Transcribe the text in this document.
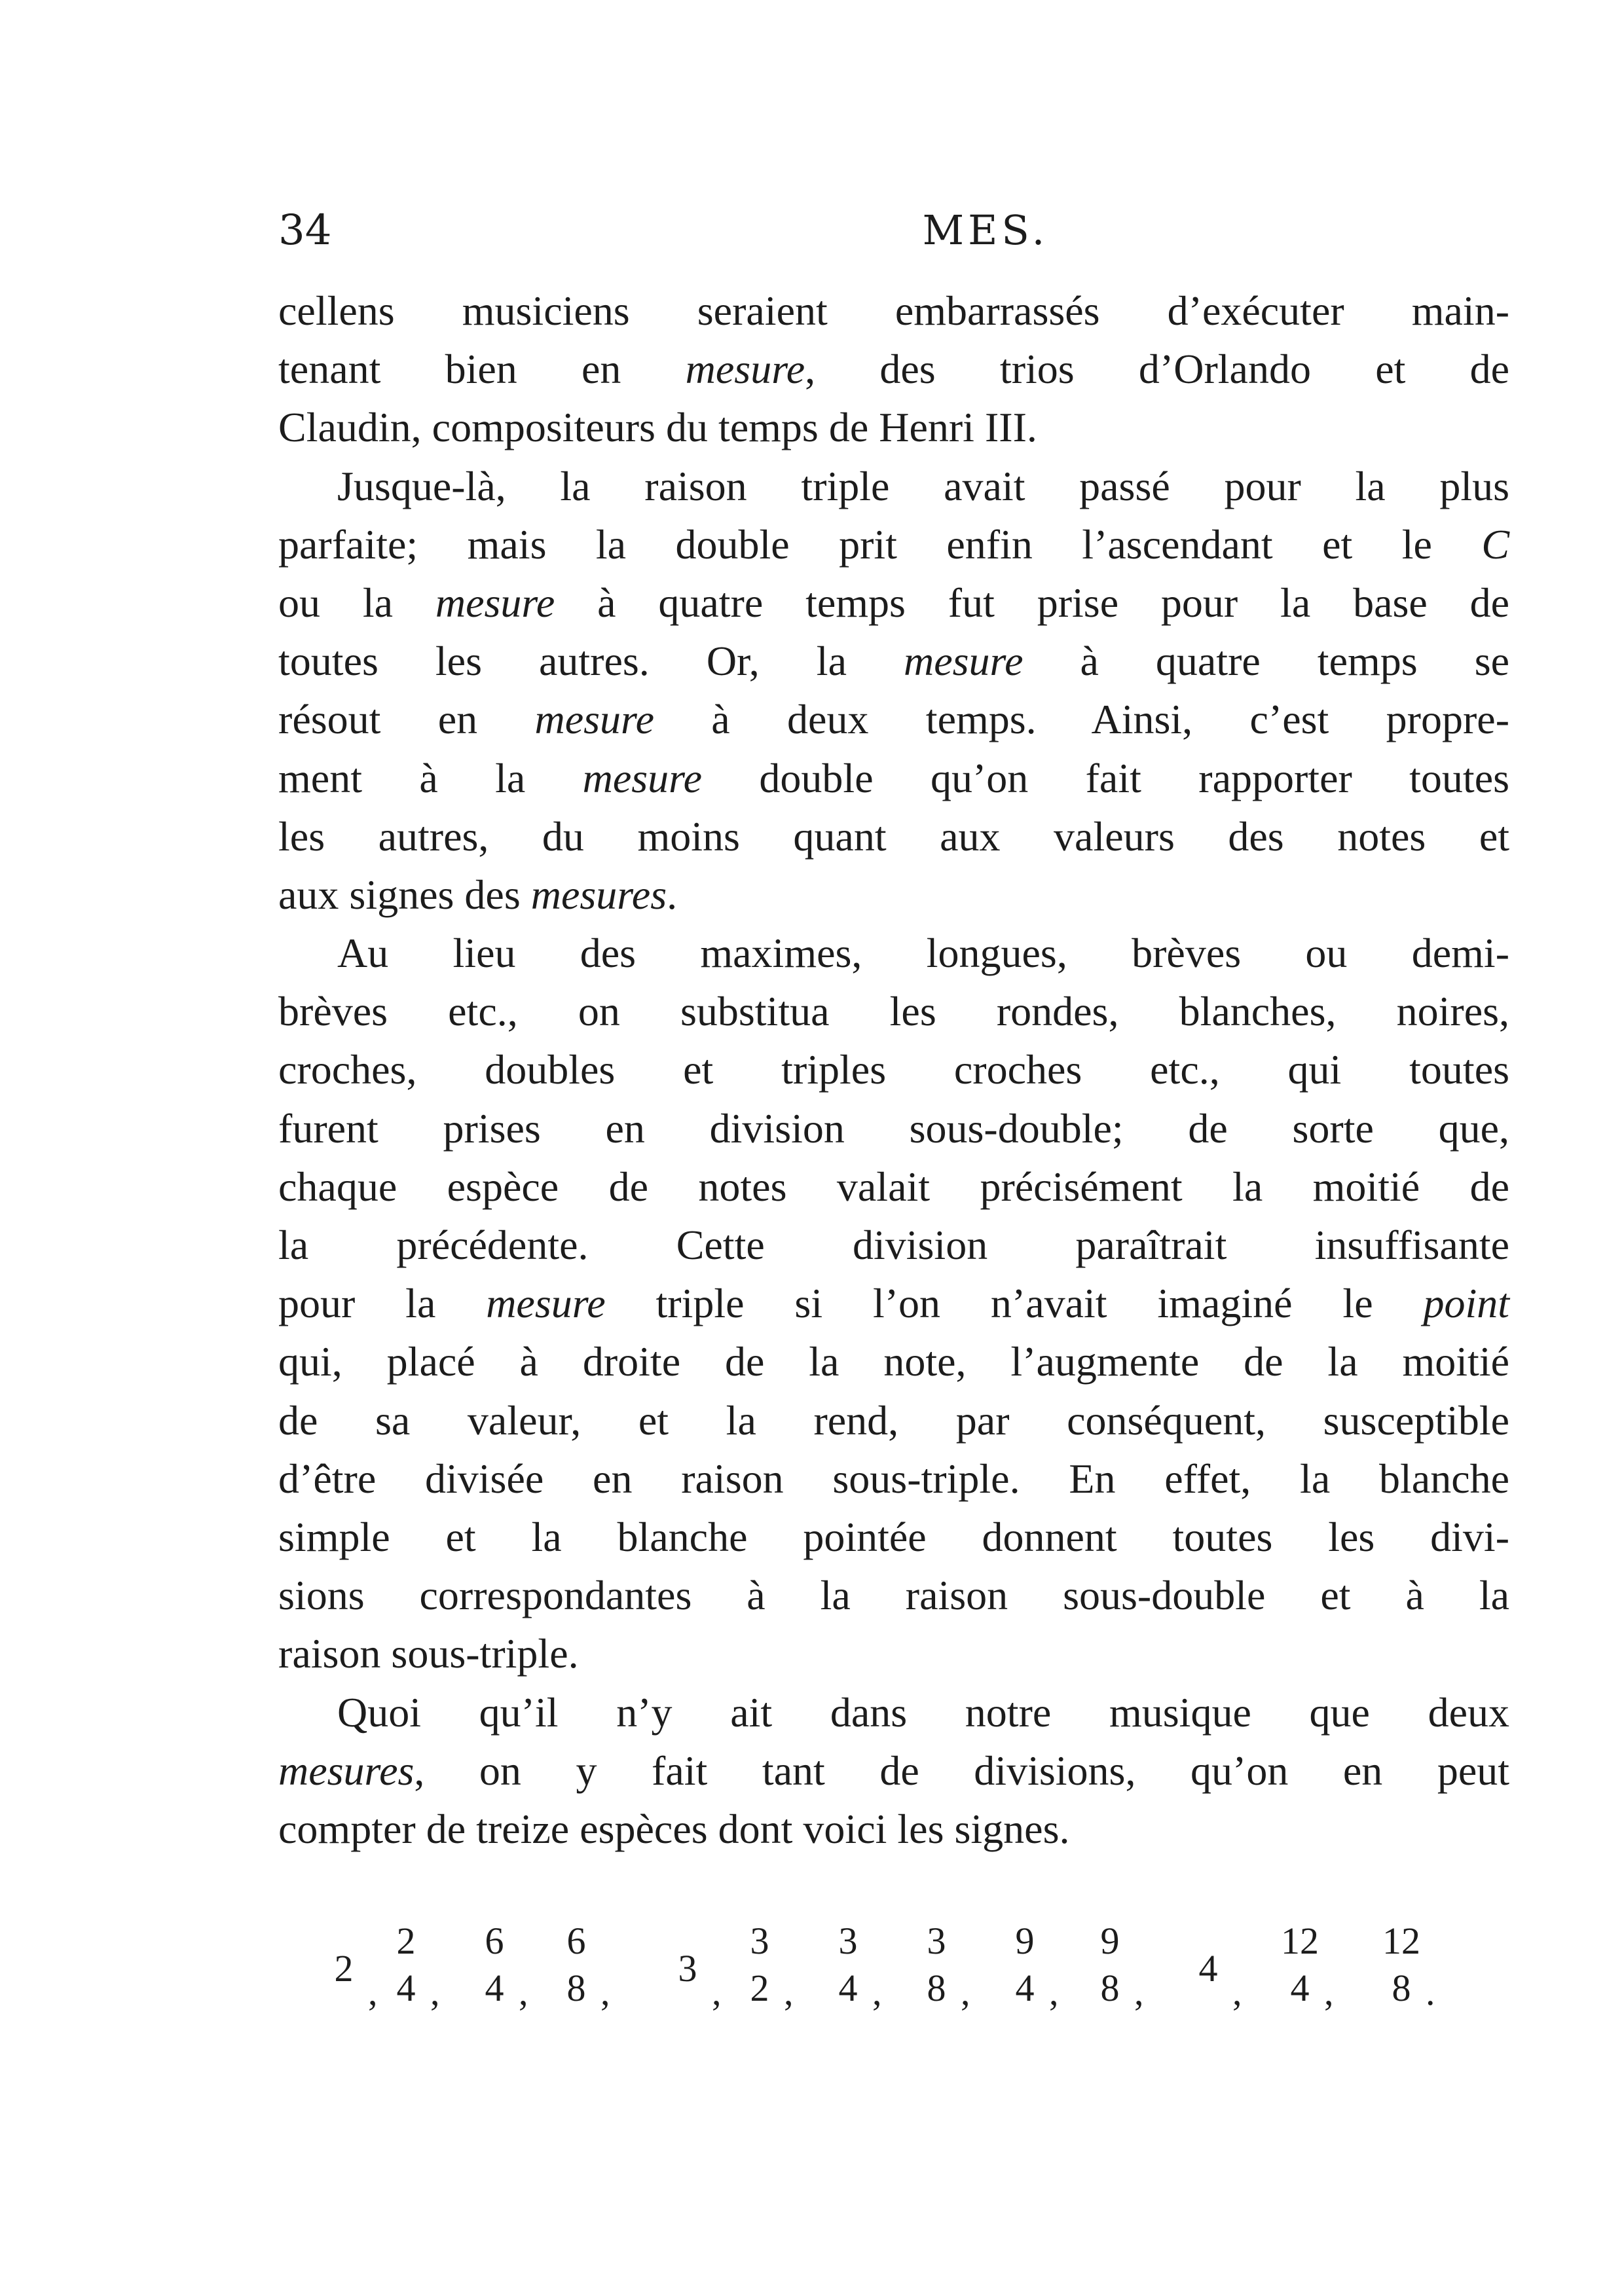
34	MES.
cellens musiciens seraient embarrassés d’exécuter main-
tenant bien en mesure, des trios d’Orlando et de
Claudin, compositeurs du temps de Henri III.
Jusque-là, la raison triple avait passé pour la plus
parfaite; mais la double prit enfin l’ascendant et le C
ou la mesure à quatre temps fut prise pour la base de
toutes les autres. Or, la mesure à quatre temps se
résout en mesure à deux temps. Ainsi, c’est propre-
ment à la mesure double qu’on fait rapporter toutes
les autres, du moins quant aux valeurs des notes et
aux signes des mesures.
Au lieu des maximes, longues, brèves ou demi-
brèves etc., on substitua les rondes, blanches, noires,
croches, doubles et triples croches etc., qui toutes
furent prises en division sous-double; de sorte que,
chaque espèce de notes valait précisément la moitié de
la précédente. Cette division paraîtrait insuffisante
pour la mesure triple si l’on n’avait imaginé le point
qui, placé à droite de la note, l’augmente de la moitié
de sa valeur, et la rend, par conséquent, susceptible
d’être divisée en raison sous-triple. En effet, la blanche
simple et la blanche pointée donnent toutes les divi-
sions correspondantes à la raison sous-double et à la
raison sous-triple.
Quoi qu’il n’y ait dans notre musique que deux
mesures, on y fait tant de divisions, qu’on en peut
compter de treize espèces dont voici les signes.
2
,
2
4 ,
6
4 ,
6
8 ,
3
,
3
2 ,
3
4 ,
3
8 ,
9
4 ,
9
8 ,
4
,
12
4 ,
12
8 .
